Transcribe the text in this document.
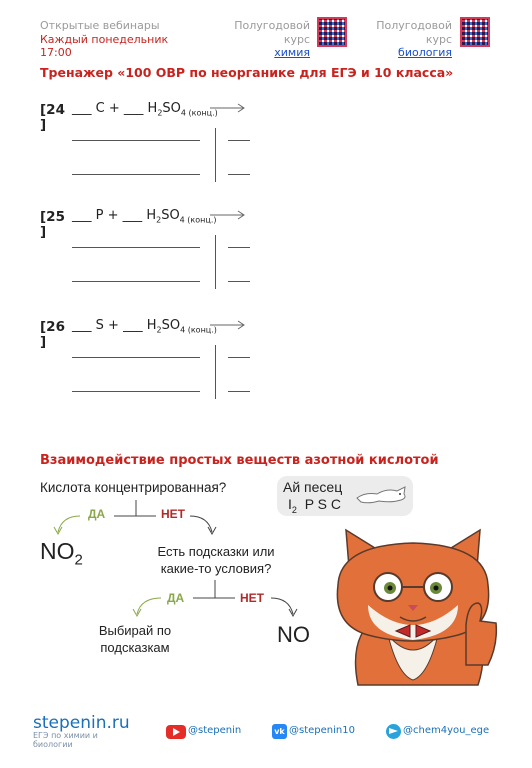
Открытые вебинары
Каждый понедельник
17:00
Полугодовой
курс
химия
Полугодовой
курс
биология
Тренажер «100 ОВР по неорганике для ЕГЭ и 10 класса»
[24
]
___ C + ___ $H_2SO_{4 (конц.)}$
[25
]
___ P + ___ $H_2SO_{4 (конц.)}$
[26
]
___ S + ___ $H_2SO_{4 (конц.)}$
Взаимодействие простых веществ азотной кислотой
Кислота концентрированная?
ДА	НЕТ
$NO_2$
Есть подсказки или
какие-то условия?
ДА	НЕТ
Выбирай по
подсказкам
NO
Ай песец
$I_2$ P S C
stepenin.ru
ЕГЭ по химии и биологии
@stepenin	vk @stepenin10	@chem4you_ege
